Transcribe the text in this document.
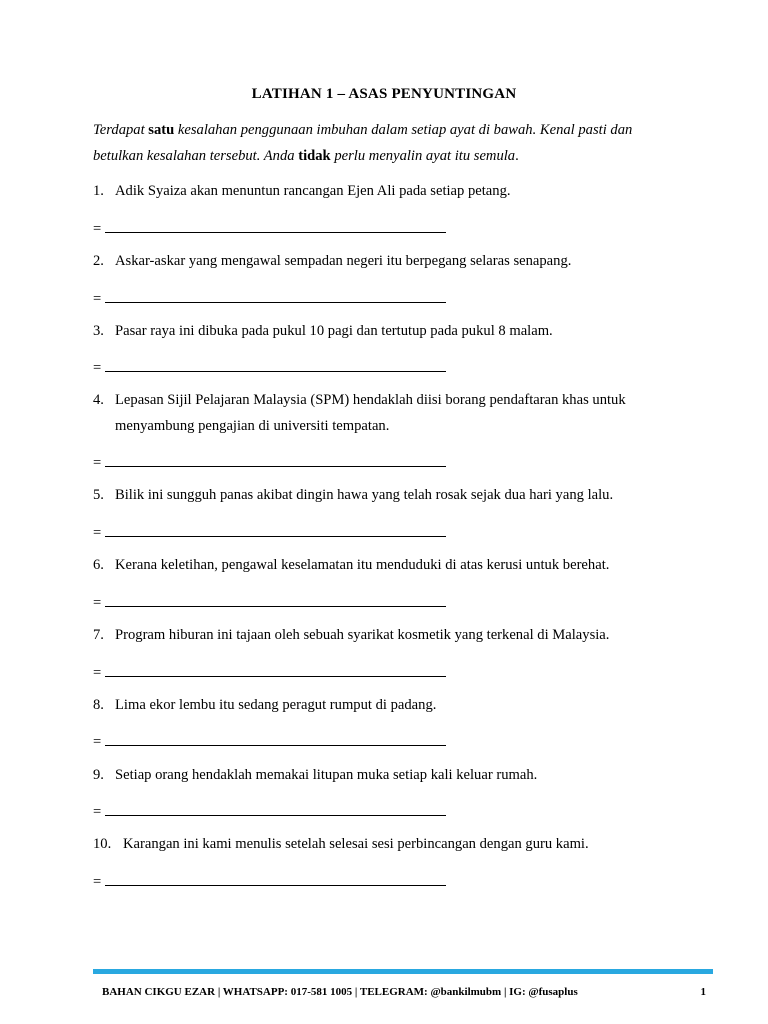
LATIHAN 1 – ASAS PENYUNTINGAN
Terdapat satu kesalahan penggunaan imbuhan dalam setiap ayat di bawah. Kenal pasti dan betulkan kesalahan tersebut. Anda tidak perlu menyalin ayat itu semula.
1. Adik Syaiza akan menuntun rancangan Ejen Ali pada setiap petang.
=
2. Askar-askar yang mengawal sempadan negeri itu berpegang selaras senapang.
=
3. Pasar raya ini dibuka pada pukul 10 pagi dan tertutup pada pukul 8 malam.
=
4. Lepasan Sijil Pelajaran Malaysia (SPM) hendaklah diisi borang pendaftaran khas untuk menyambung pengajian di universiti tempatan.
=
5. Bilik ini sungguh panas akibat dingin hawa yang telah rosak sejak dua hari yang lalu.
=
6. Kerana keletihan, pengawal keselamatan itu menduduki di atas kerusi untuk berehat.
=
7. Program hiburan ini tajaan oleh sebuah syarikat kosmetik yang terkenal di Malaysia.
=
8. Lima ekor lembu itu sedang peragut rumput di padang.
=
9. Setiap orang hendaklah memakai litupan muka setiap kali keluar rumah.
=
10. Karangan ini kami menulis setelah selesai sesi perbincangan dengan guru kami.
=
BAHAN CIKGU EZAR | WHATSAPP: 017-581 1005 | TELEGRAM: @bankilmubm | IG: @fusaplus	1
